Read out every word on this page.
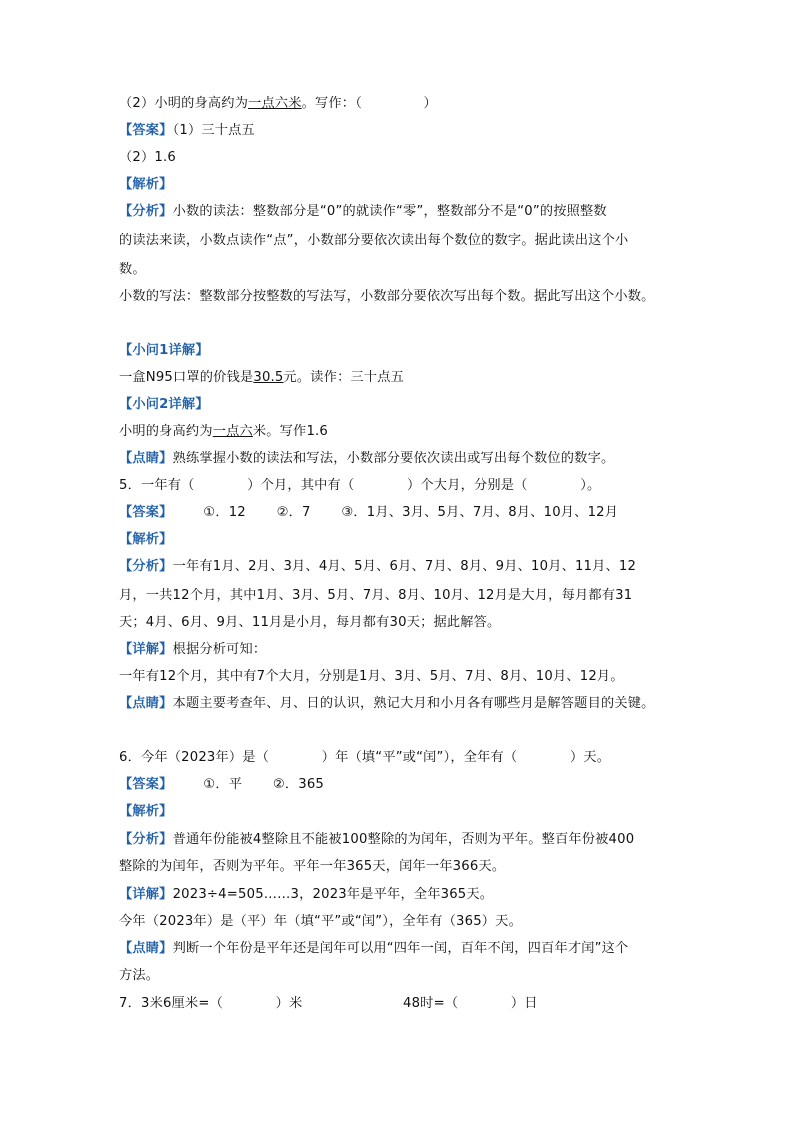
（2）小明的身高约为一点六米。写作：（              ）
【答案】（1）三十点五
（2）1.6
【解析】
【分析】小数的读法：整数部分是“0”的就读作“零”，整数部分不是“0”的按照整数
的读法来读，小数点读作“点”，小数部分要依次读出每个数位的数字。据此读出这个小
数。
小数的写法：整数部分按整数的写法写，小数部分要依次写出每个数。据此写出这个小数。
【小问1详解】
一盒N95口罩的价钱是30.5元。读作：三十点五
【小问2详解】
小明的身高约为一点六米。写作1.6
【点睛】熟练掌握小数的读法和写法，小数部分要依次读出或写出每个数位的数字。
5．一年有（            ）个月，其中有（            ）个大月，分别是（            ）。
【答案】       ①．12       ②．7       ③．1月、3月、5月、7月、8月、10月、12月
【解析】
【分析】一年有1月、2月、3月、4月、5月、6月、7月、8月、9月、10月、11月、12
月，一共12个月，其中1月、3月、5月、7月、8月、10月、12月是大月，每月都有31
天；4月、6月、9月、11月是小月，每月都有30天；据此解答。
【详解】根据分析可知：
一年有12个月，其中有7个大月，分别是1月、3月、5月、7月、8月、10月、12月。
【点睛】本题主要考查年、月、日的认识，熟记大月和小月各有哪些月是解答题目的关键。
6．今年（2023年）是（            ）年（填“平”或“闰”），全年有（            ）天。
【答案】       ①．平       ②．365
【解析】
【分析】普通年份能被4整除且不能被100整除的为闰年，否则为平年。整百年份被400
整除的为闰年，否则为平年。平年一年365天，闰年一年366天。
【详解】2023÷4=505……3，2023年是平年，全年365天。
今年（2023年）是（平）年（填“平”或“闰”），全年有（365）天。
【点睛】判断一个年份是平年还是闰年可以用“四年一闰，百年不闰，四百年才闰”这个
方法。
7．3米6厘米=（            ）米	48时=（            ）日
